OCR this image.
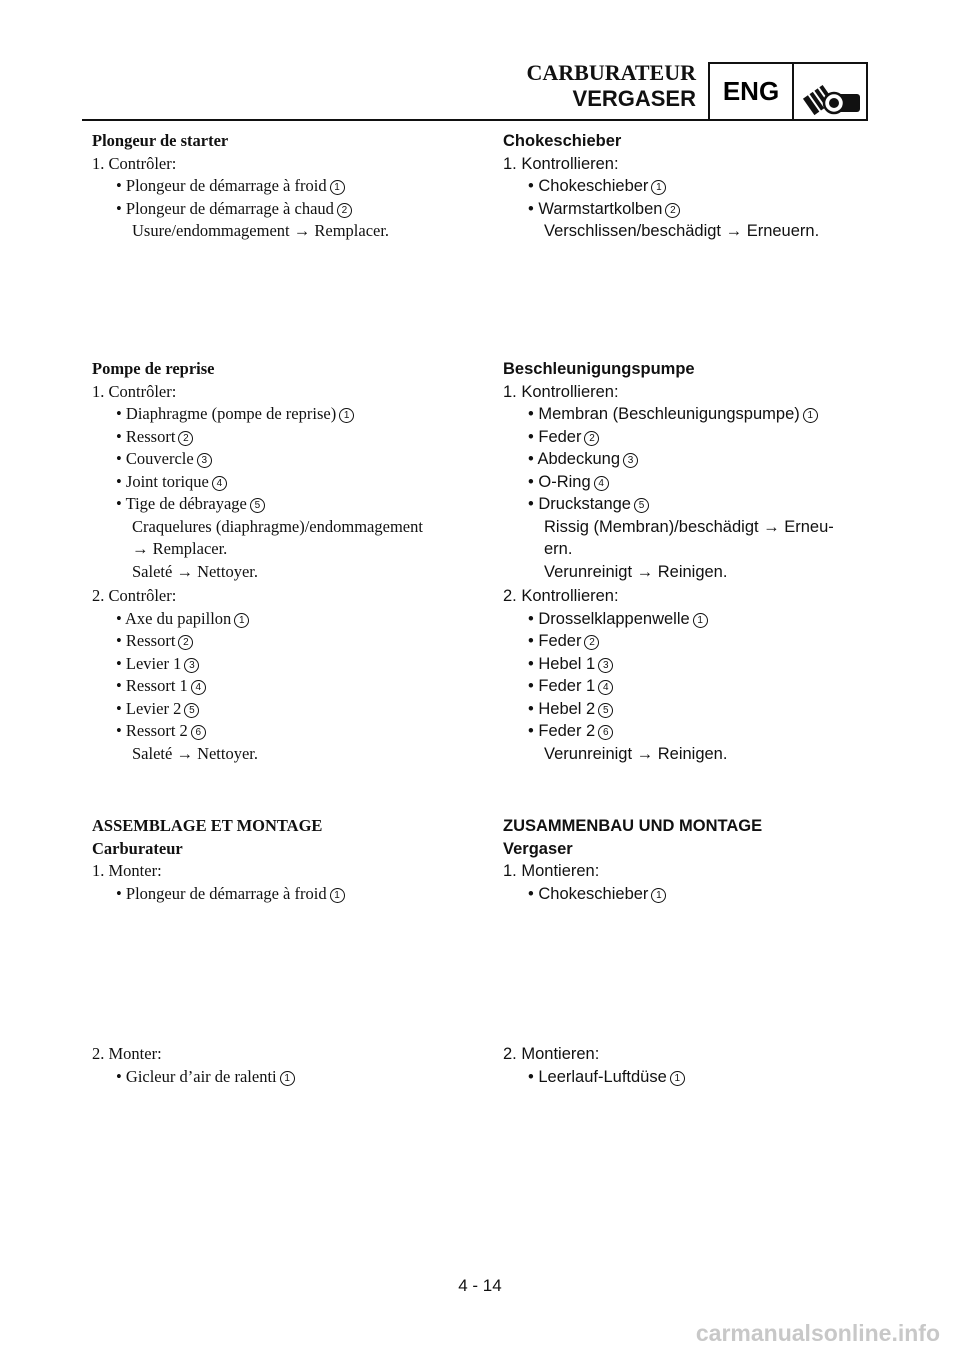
CARBURATEUR
VERGASER	ENG
Plongeur de starter
1. Contrôler:
• Plongeur de démarrage à froid 1
• Plongeur de démarrage à chaud 2
Usure/endommagement → Remplacer.
Pompe de reprise
1. Contrôler:
• Diaphragme (pompe de reprise) 1
• Ressort 2
• Couvercle 3
• Joint torique 4
• Tige de débrayage 5
Craquelures (diaphragme)/endommagement
→ Remplacer.
Saleté → Nettoyer.
2. Contrôler:
• Axe du papillon 1
• Ressort 2
• Levier 1 3
• Ressort 1 4
• Levier 2 5
• Ressort 2 6
Saleté → Nettoyer.
ASSEMBLAGE ET MONTAGE
Carburateur
1. Monter:
• Plongeur de démarrage à froid 1
2. Monter:
• Gicleur d’air de ralenti 1
Chokeschieber
1. Kontrollieren:
• Chokeschieber 1
• Warmstartkolben 2
Verschlissen/beschädigt → Erneuern.
Beschleunigungspumpe
1. Kontrollieren:
• Membran (Beschleunigungspumpe) 1
• Feder 2
• Abdeckung 3
• O-Ring 4
• Druckstange 5
Rissig (Membran)/beschädigt → Erneu-
ern.
Verunreinigt → Reinigen.
2. Kontrollieren:
• Drosselklappenwelle 1
• Feder 2
• Hebel 1 3
• Feder 1 4
• Hebel 2 5
• Feder 2 6
Verunreinigt → Reinigen.
ZUSAMMENBAU UND MONTAGE
Vergaser
1. Montieren:
• Chokeschieber 1
2. Montieren:
• Leerlauf-Luftdüse 1
4 - 14
carmanualsonline.info
